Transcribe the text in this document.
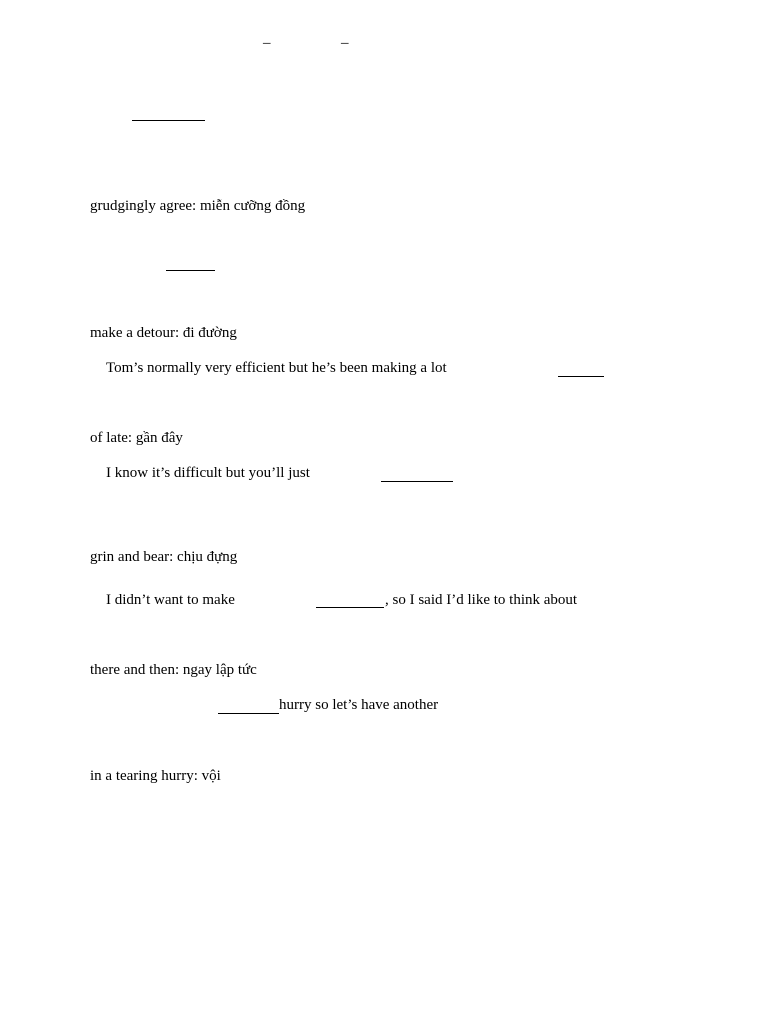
–	–
grudgingly agree: miễn cưỡng đồng
make a detour: đi đường
Tom’s normally very efficient but he’s been making a lot
of late: gần đây
I know it’s difficult but you’ll just
grin and bear: chịu đựng
I didn’t want to make	, so I said I’d like to think about
there and then: ngay lập tức
hurry so let’s have another
in a tearing hurry: vội
